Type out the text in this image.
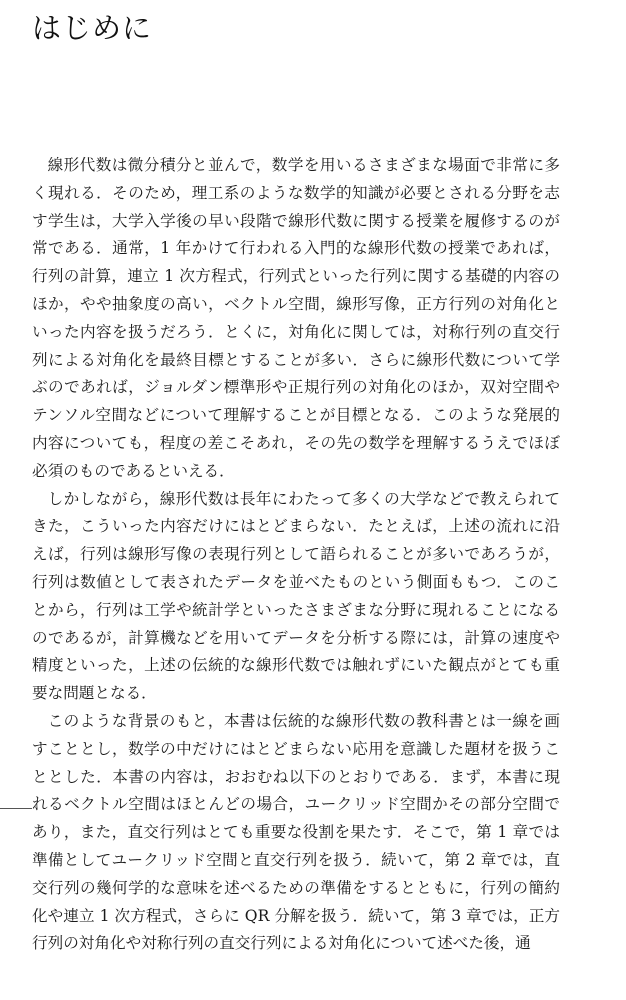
はじめに

線形代数は微分積分と並んで，数学を用いるさまざまな場面で非常に多く現れる．そのため，理工系のような数学的知識が必要とされる分野を志す学生は，大学入学後の早い段階で線形代数に関する授業を履修するのが常である．通常，1 年かけて行われる入門的な線形代数の授業であれば，行列の計算，連立 1 次方程式，行列式といった行列に関する基礎的内容のほか，やや抽象度の高い，ベクトル空間，線形写像，正方行列の対角化といった内容を扱うだろう．とくに，対角化に関しては，対称行列の直交行列による対角化を最終目標とすることが多い．さらに線形代数について学ぶのであれば，ジョルダン標準形や正規行列の対角化のほか，双対空間やテンソル空間などについて理解することが目標となる．このような発展的内容についても，程度の差こそあれ，その先の数学を理解するうえでほぼ必須のものであるといえる．

しかしながら，線形代数は長年にわたって多くの大学などで教えられてきた，こういった内容だけにはとどまらない．たとえば，上述の流れに沿えば，行列は線形写像の表現行列として語られることが多いであろうが，行列は数値として表されたデータを並べたものという側面ももつ．このことから，行列は工学や統計学といったさまざまな分野に現れることになるのであるが，計算機などを用いてデータを分析する際には，計算の速度や精度といった，上述の伝統的な線形代数では触れずにいた観点がとても重要な問題となる．

このような背景のもと，本書は伝統的な線形代数の教科書とは一線を画すこととし，数学の中だけにはとどまらない応用を意識した題材を扱うこととした．本書の内容は，おおむね以下のとおりである．まず，本書に現れるベクトル空間はほとんどの場合，ユークリッド空間かその部分空間であり，また，直交行列はとても重要な役割を果たす．そこで，第 1 章では準備としてユークリッド空間と直交行列を扱う．続いて，第 2 章では，直交行列の幾何学的な意味を述べるための準備をするとともに，行列の簡約化や連立 1 次方程式，さらに QR 分解を扱う．続いて，第 3 章では，正方行列の対角化や対称行列の直交行列による対角化について述べた後，通
